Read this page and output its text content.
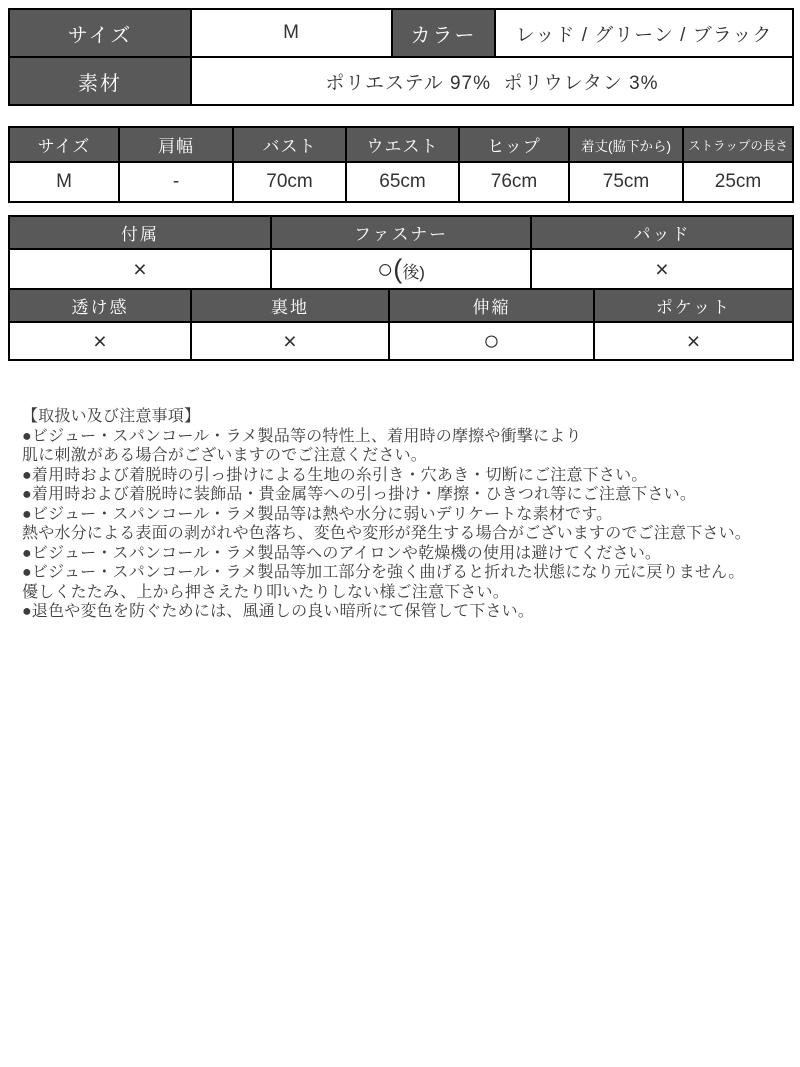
サイズ	M	カラー	レッド / グリーン / ブラック
素材	ポリエステル 97%  ポリウレタン 3%		
サイズ	肩幅	バスト	ウエスト	ヒップ	着丈(脇下から)	ストラップの長さ
M	-	70cm	65cm	76cm	75cm	25cm
付属	ファスナー	パッド
×	○(後)	×
透け感	裏地	伸縮	ポケット
×	×	○	×
【取扱い及び注意事項】
●ビジュー・スパンコール・ラメ製品等の特性上、着用時の摩擦や衝撃により
肌に刺激がある場合がございますのでご注意ください。
●着用時および着脱時の引っ掛けによる生地の糸引き・穴あき・切断にご注意下さい。
●着用時および着脱時に装飾品・貴金属等への引っ掛け・摩擦・ひきつれ等にご注意下さい。
●ビジュー・スパンコール・ラメ製品等は熱や水分に弱いデリケートな素材です。
熱や水分による表面の剥がれや色落ち、変色や変形が発生する場合がございますのでご注意下さい。
●ビジュー・スパンコール・ラメ製品等へのアイロンや乾燥機の使用は避けてください。
●ビジュー・スパンコール・ラメ製品等加工部分を強く曲げると折れた状態になり元に戻りません。
優しくたたみ、上から押さえたり叩いたりしない様ご注意下さい。
●退色や変色を防ぐためには、風通しの良い暗所にて保管して下さい。
